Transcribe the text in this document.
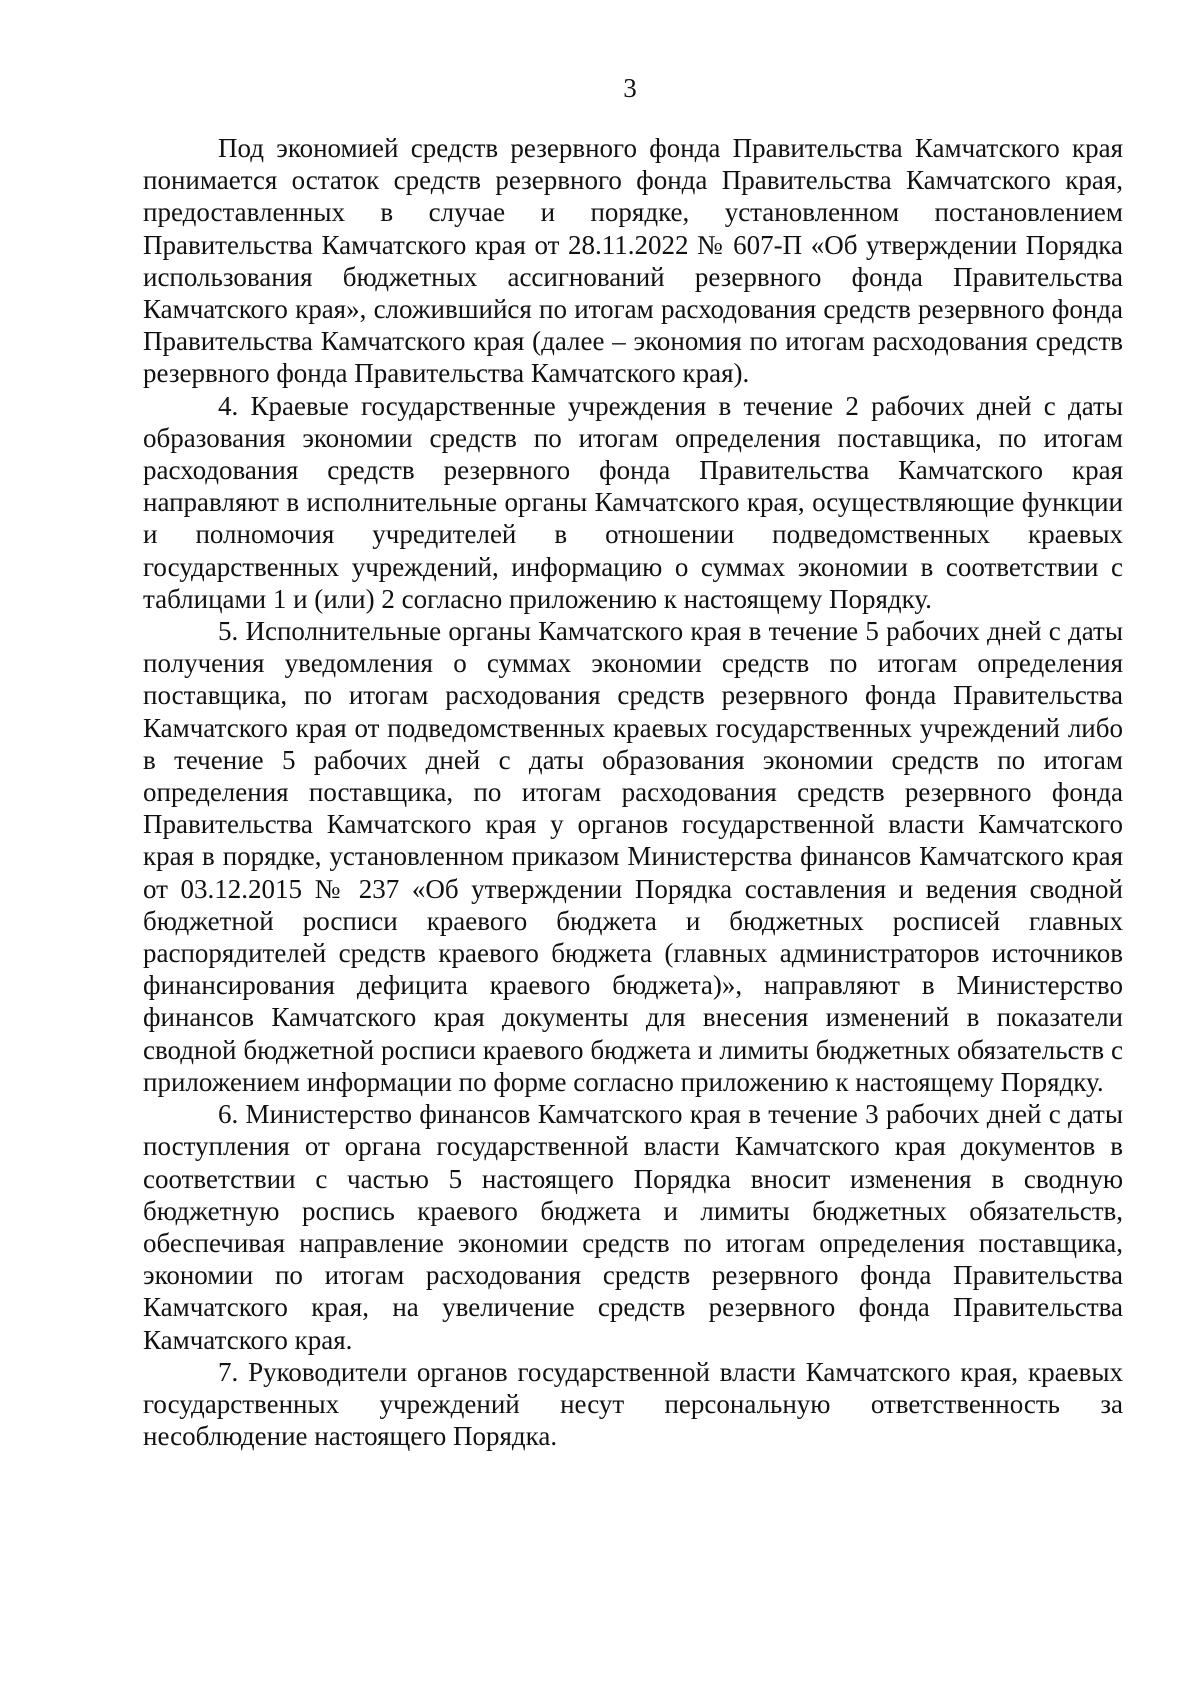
3

Под экономией средств резервного фонда Правительства Камчатского края понимается остаток средств резервного фонда Правительства Камчатского края, предоставленных в случае и порядке, установленном постановлением Правительства Камчатского края от 28.11.2022 № 607-П «Об утверждении Порядка использования бюджетных ассигнований резервного фонда Правительства Камчатского края», сложившийся по итогам расходования средств резервного фонда Правительства Камчатского края (далее – экономия по итогам расходования средств резервного фонда Правительства Камчатского края).

4. Краевые государственные учреждения в течение 2 рабочих дней с даты образования экономии средств по итогам определения поставщика, по итогам расходования средств резервного фонда Правительства Камчатского края направляют в исполнительные органы Камчатского края, осуществляющие функции и полномочия учредителей в отношении подведомственных краевых государственных учреждений, информацию о суммах экономии в соответствии с таблицами 1 и (или) 2 согласно приложению к настоящему Порядку.

5. Исполнительные органы Камчатского края в течение 5 рабочих дней с даты получения уведомления о суммах экономии средств по итогам определения поставщика, по итогам расходования средств резервного фонда Правительства Камчатского края от подведомственных краевых государственных учреждений либо в течение 5 рабочих дней с даты образования экономии средств по итогам определения поставщика, по итогам расходования средств резервного фонда Правительства Камчатского края у органов государственной власти Камчатского края в порядке, установленном приказом Министерства финансов Камчатского края от 03.12.2015 № 237 «Об утверждении Порядка составления и ведения сводной бюджетной росписи краевого бюджета и бюджетных росписей главных распорядителей средств краевого бюджета (главных администраторов источников финансирования дефицита краевого бюджета)», направляют в Министерство финансов Камчатского края документы для внесения изменений в показатели сводной бюджетной росписи краевого бюджета и лимиты бюджетных обязательств с приложением информации по форме согласно приложению к настоящему Порядку.

6. Министерство финансов Камчатского края в течение 3 рабочих дней с даты поступления от органа государственной власти Камчатского края документов в соответствии с частью 5 настоящего Порядка вносит изменения в сводную бюджетную роспись краевого бюджета и лимиты бюджетных обязательств, обеспечивая направление экономии средств по итогам определения поставщика, экономии по итогам расходования средств резервного фонда Правительства Камчатского края, на увеличение средств резервного фонда Правительства Камчатского края.

7. Руководители органов государственной власти Камчатского края, краевых государственных учреждений несут персональную ответственность за несоблюдение настоящего Порядка.
